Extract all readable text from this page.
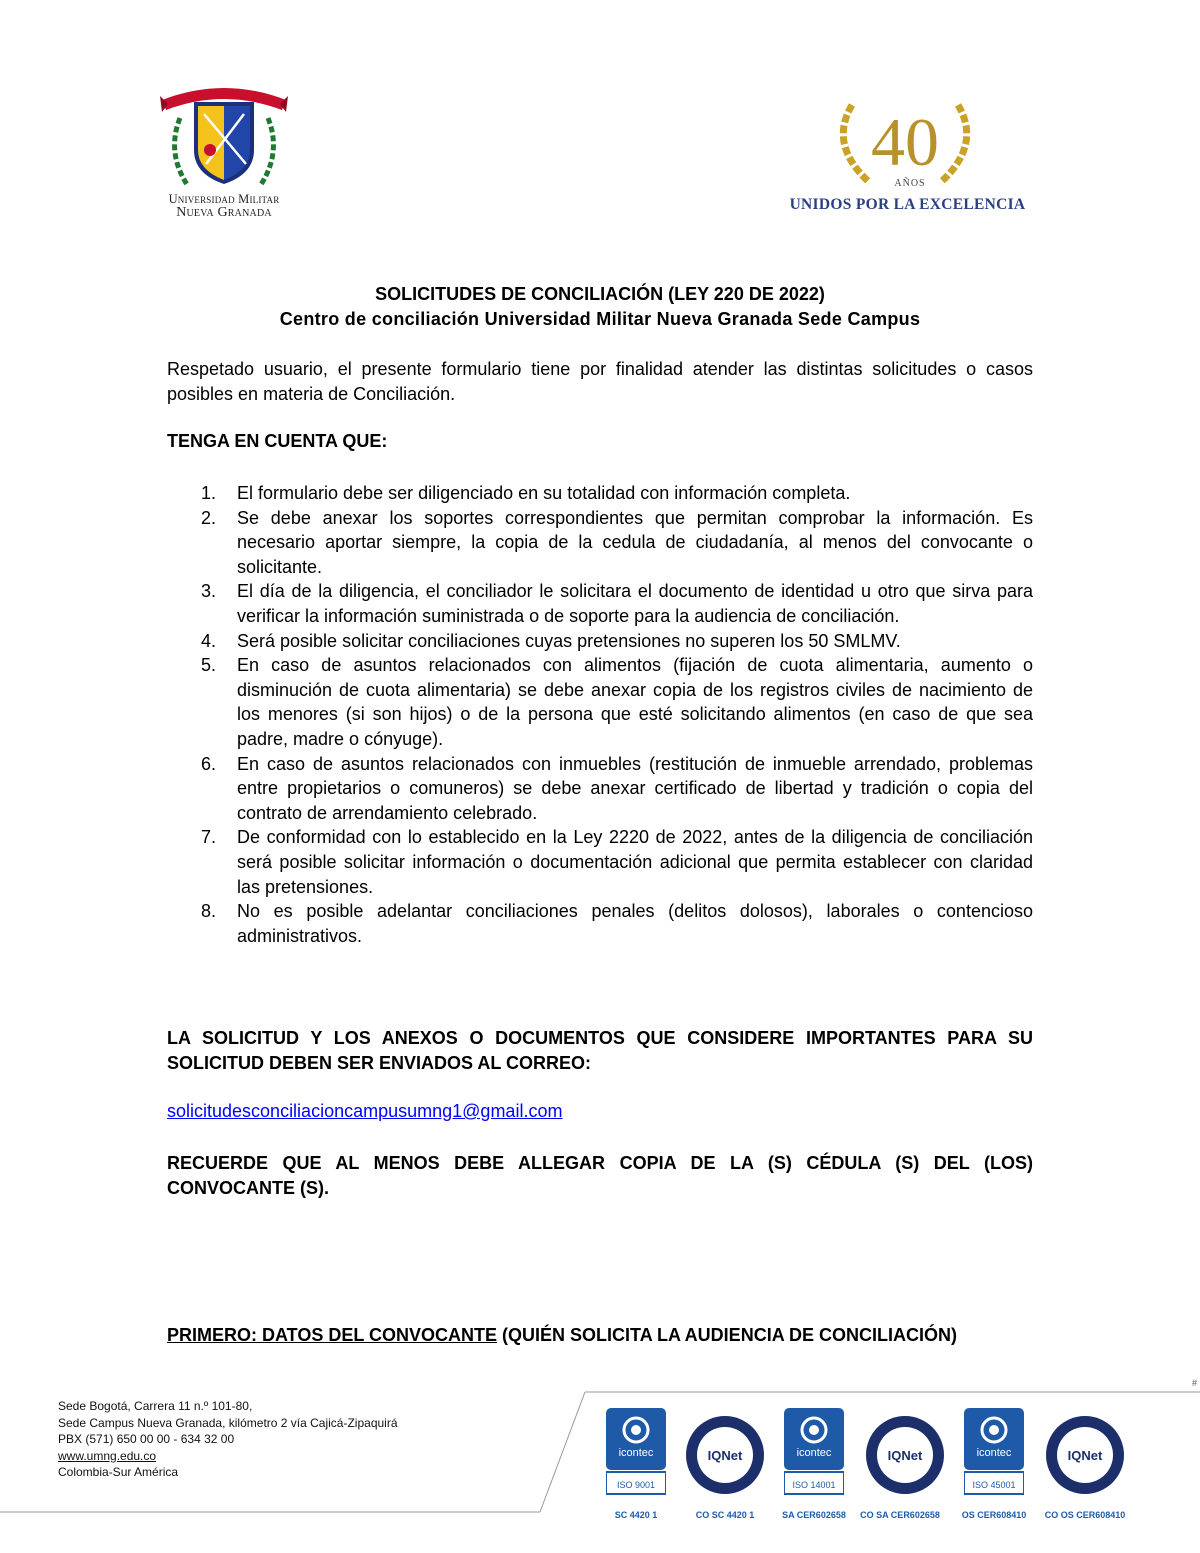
Universidad Militar
Nueva Granada
40
AÑOS
UNIDOS POR LA EXCELENCIA
SOLICITUDES DE CONCILIACIÓN (LEY 220 DE 2022)
Centro de conciliación Universidad Militar Nueva Granada Sede Campus
Respetado usuario, el presente formulario tiene por finalidad atender las distintas solicitudes o casos posibles en materia de Conciliación.
TENGA EN CUENTA QUE:
1. El formulario debe ser diligenciado en su totalidad con información completa.
2. Se debe anexar los soportes correspondientes que permitan comprobar la información. Es necesario aportar siempre, la copia de la cedula de ciudadanía, al menos del convocante o solicitante.
3. El día de la diligencia, el conciliador le solicitara el documento de identidad u otro que sirva para verificar la información suministrada o de soporte para la audiencia de conciliación.
4. Será posible solicitar conciliaciones cuyas pretensiones no superen los 50 SMLMV.
5. En caso de asuntos relacionados con alimentos (fijación de cuota alimentaria, aumento o disminución de cuota alimentaria) se debe anexar copia de los registros civiles de nacimiento de los menores (si son hijos) o de la persona que esté solicitando alimentos (en caso de que sea padre, madre o cónyuge).
6. En caso de asuntos relacionados con inmuebles (restitución de inmueble arrendado, problemas entre propietarios o comuneros) se debe anexar certificado de libertad y tradición o copia del contrato de arrendamiento celebrado.
7. De conformidad con lo establecido en la Ley 2220 de 2022, antes de la diligencia de conciliación será posible solicitar información o documentación adicional que permita establecer con claridad las pretensiones.
8. No es posible adelantar conciliaciones penales (delitos dolosos), laborales o contencioso administrativos.
LA SOLICITUD Y LOS ANEXOS O DOCUMENTOS QUE CONSIDERE IMPORTANTES PARA SU SOLICITUD DEBEN SER ENVIADOS AL CORREO:
solicitudesconciliacioncampusumng1@gmail.com
RECUERDE QUE AL MENOS DEBE ALLEGAR COPIA DE LA (S) CÉDULA (S) DEL (LOS) CONVOCANTE (S).
PRIMERO: DATOS DEL CONVOCANTE (QUIÉN SOLICITA LA AUDIENCIA DE CONCILIACIÓN)
Sede Bogotá, Carrera 11 n.º 101-80,
Sede Campus Nueva Granada, kilómetro 2 vía Cajicá-Zipaquirá
PBX (571) 650 00 00 - 634 32 00
www.umng.edu.co
Colombia-Sur América
icontec
ISO 9001
IQNet	icontec
ISO 14001
IQNet	icontec
ISO 45001
IQNet
SC 4420 1	CO SC 4420 1	SA CER602658	CO SA CER602658	OS CER608410	CO OS CER608410
#
